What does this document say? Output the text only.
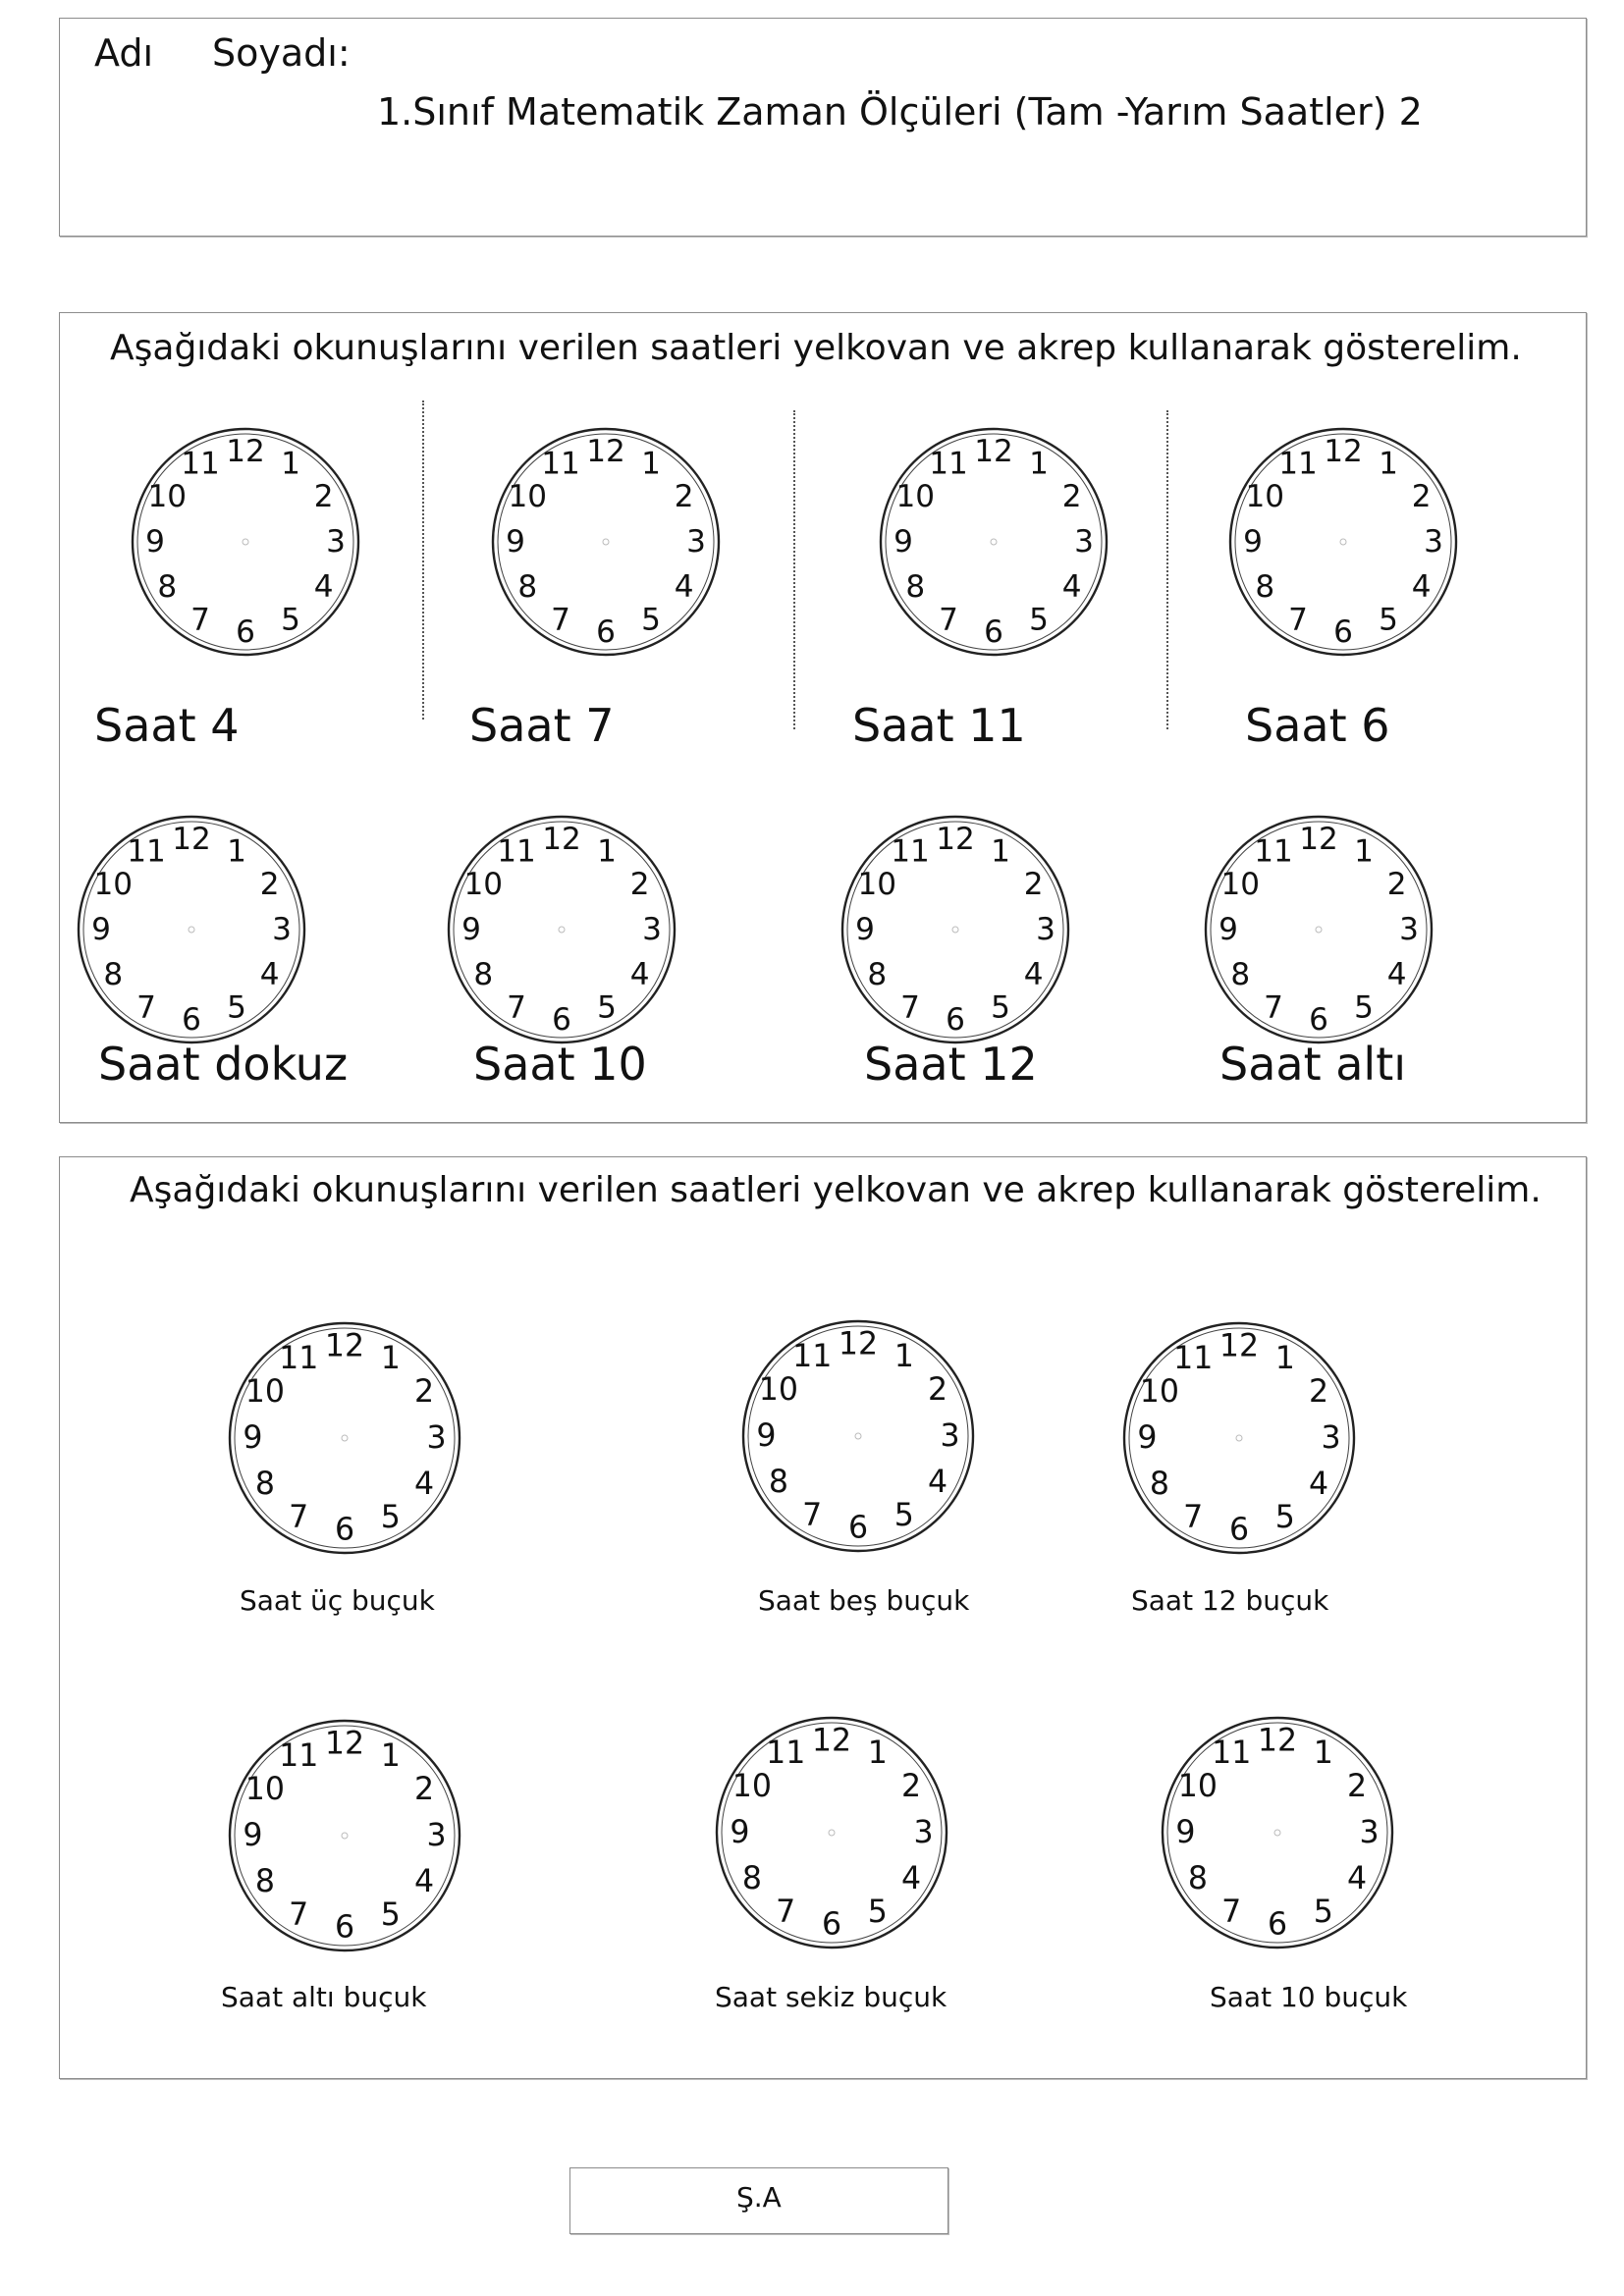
Adı Soyadı:
1.Sınıf Matematik Zaman Ölçüleri (Tam -Yarım Saatler) 2
Aşağıdaki okunuşlarını verilen saatleri yelkovan ve akrep kullanarak gösterelim.
12 1
2
3
4
5
6
7
8
9
10
11	12 1
2
3
4
5
6
7
8
9
10
11	12 1
2
3
4
5
6
7
8
9
10
11	12 1
2
3
4
5
6
7
8
9
10
11
Saat 4	Saat 7	Saat 11	Saat 6
12 1
2
3
4
5
6
7
8
9
10
11	12 1
2
3
4
5
6
7
8
9
10
11	12 1
2
3
4
5
6
7
8
9
10
11	12 1
2
3
4
5
6
7
8
9
10
11
Saat dokuz	Saat 10	Saat 12	Saat altı
Aşağıdaki okunuşlarını verilen saatleri yelkovan ve akrep kullanarak gösterelim.
12 1
2
3
4
5
6
7
8
9
10
11	12 1
2
3
4
5
6
7
8
9
10
11	12 1
2
3
4
5
6
7
8
9
10
11
Saat üç buçuk	Saat beş buçuk	Saat 12 buçuk
12 1
2
3
4
5
6
7
8
9
10
11	12 1
2
3
4
5
6
7
8
9
10
11	12 1
2
3
4
5
6
7
8
9
10
11
Saat altı buçuk	Saat sekiz buçuk	Saat 10 buçuk
Ş.A
